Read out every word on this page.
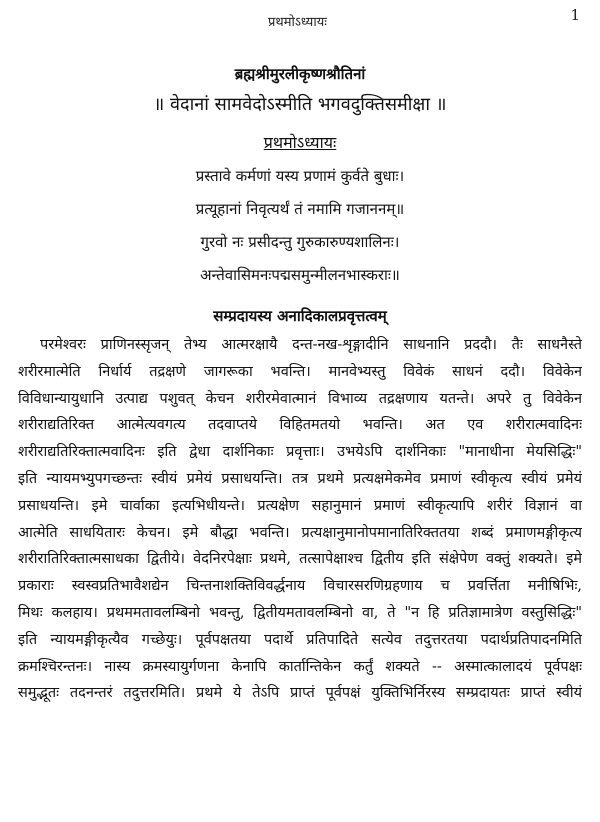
प्रथमोऽध्यायः	1
ब्रह्मश्रीमुरलीकृष्णश्रौतिनां
॥ वेदानां सामवेदोऽस्मीति भगवदुक्तिसमीक्षा ॥
प्रथमोऽध्यायः
प्रस्तावे कर्मणां यस्य प्रणामं कुर्वते बुधाः।
प्रत्यूहानां निवृत्यर्थं तं नमामि गजाननम्॥
गुरवो नः प्रसीदन्तु गुरुकारुण्यशालिनः।
अन्तेवासिमनःपद्मसमुन्मीलनभास्कराः॥
सम्प्रदायस्य अनादिकालप्रवृत्तत्वम्
परमेश्वरः प्राणिनस्सृजन् तेभ्य आत्मरक्षायै दन्त-नख-शृङ्गादीनि साधनानि प्रददौ। तैः साधनैस्ते
शरीरमात्मेति निर्धार्य तद्रक्षणे जागरूका भवन्ति। मानवेभ्यस्तु विवेकं साधनं ददौ। विवेकेन
विविधान्यायुधानि उत्पाद्य पशुवत् केचन शरीरमेवात्मानं विभाव्य तद्रक्षणाय यतन्ते। अपरे तु विवेकेन
शरीराद्यतिरिक्त आत्मेत्यवगत्य तदवाप्तये विहितमतयो भवन्ति। अत एव शरीरात्मवादिनः
शरीराद्यतिरिक्तात्मवादिनः इति द्वेधा दार्शनिकाः प्रवृत्ताः। उभयेऽपि दार्शनिकाः "मानाधीना मेयसिद्धिः"
इति न्यायमभ्युपगच्छन्तः स्वीयं प्रमेयं प्रसाधयन्ति। तत्र प्रथमे प्रत्यक्षमेकमेव प्रमाणं स्वीकृत्य स्वीयं प्रमेयं
प्रसाधयन्ति। इमे चार्वाका इत्यभिधीयन्ते। प्रत्यक्षेण सहानुमानं प्रमाणं स्वीकृत्यापि शरीरं विज्ञानं वा
आत्मेति साधयितारः केचन। इमे बौद्धा भवन्ति। प्रत्यक्षानुमानोपमानातिरिक्ततया शब्दं प्रमाणमङ्गीकृत्य
शरीरातिरिक्तात्मसाधका द्वितीये। वेदनिरपेक्षाः प्रथमे, तत्सापेक्षाश्च द्वितीय इति संक्षेपेण वक्तुं शक्यते। इमे
प्रकाराः स्वस्वप्रतिभावैशद्येन चिन्तनाशक्तिविवर्द्धनाय विचारसरणिग्रहणाय च प्रवर्त्तिता मनीषिभिः,
मिथः कलहाय। प्रथममतावलम्बिनो भवन्तु, द्वितीयमतावलम्बिनो वा, ते "न हि प्रतिज्ञामात्रेण वस्तुसिद्धिः"
इति न्यायमङ्गीकृत्यैव गच्छेयुः। पूर्वपक्षतया पदार्थे प्रतिपादिते सत्येव तदुत्तरतया पदार्थप्रतिपादनमिति
क्रमश्चिरन्तनः। नास्य क्रमस्यायुर्गणना केनापि कार्तान्तिकेन कर्तुं शक्यते -- अस्मात्कालादयं पूर्वपक्षः
समुद्भूतः तदनन्तरं तदुत्तरमिति। प्रथमे ये तेऽपि प्राप्तं पूर्वपक्षं युक्तिभिर्निरस्य सम्प्रदायतः प्राप्तं स्वीयं
